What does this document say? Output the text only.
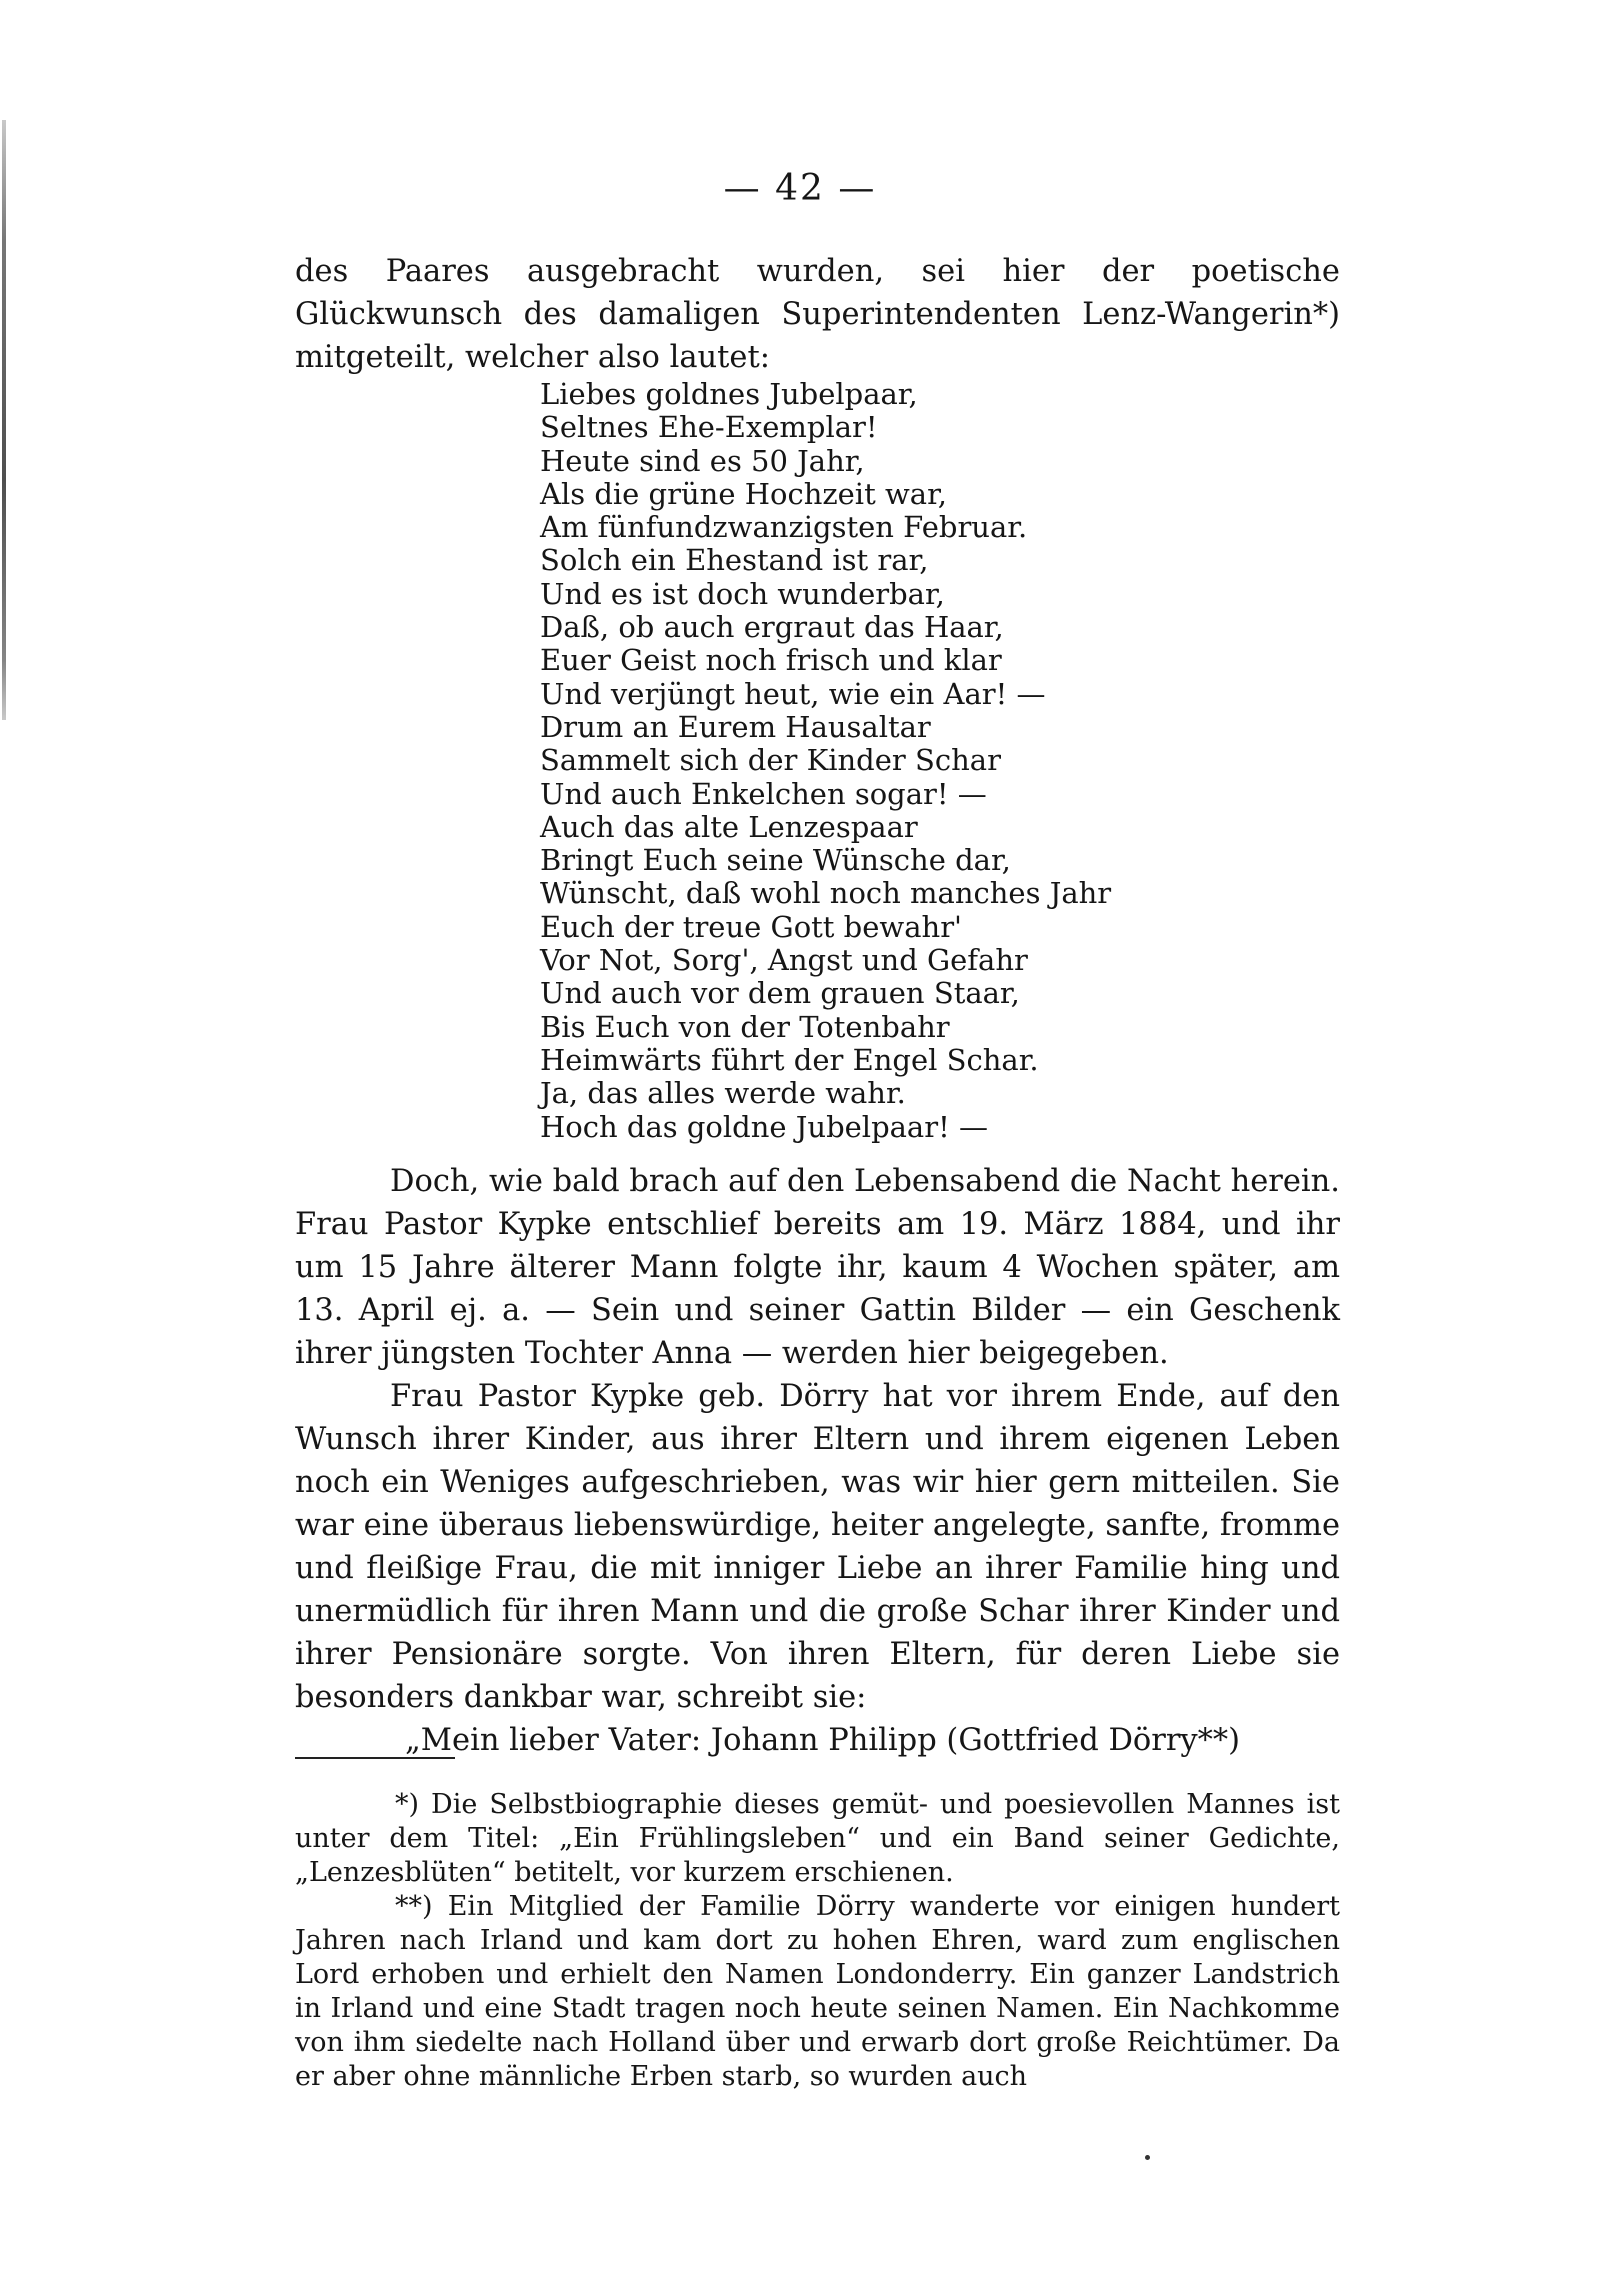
— 42 —

des Paares ausgebracht wurden, sei hier der poetische Glückwunsch des damaligen Superintendenten Lenz-Wangerin*) mitgeteilt, welcher also lautet:

Liebes goldnes Jubelpaar,
Seltnes Ehe-Exemplar!
Heute sind es 50 Jahr,
Als die grüne Hochzeit war,
Am fünfundzwanzigsten Februar.
Solch ein Ehestand ist rar,
Und es ist doch wunderbar,
Daß, ob auch ergraut das Haar,
Euer Geist noch frisch und klar
Und verjüngt heut, wie ein Aar! —
Drum an Eurem Hausaltar
Sammelt sich der Kinder Schar
Und auch Enkelchen sogar! —
Auch das alte Lenzespaar
Bringt Euch seine Wünsche dar,
Wünscht, daß wohl noch manches Jahr
Euch der treue Gott bewahr'
Vor Not, Sorg', Angst und Gefahr
Und auch vor dem grauen Staar,
Bis Euch von der Totenbahr
Heimwärts führt der Engel Schar.
Ja, das alles werde wahr.
Hoch das goldne Jubelpaar! —

Doch, wie bald brach auf den Lebensabend die Nacht herein. Frau Pastor Kypke entschlief bereits am 19. März 1884, und ihr um 15 Jahre älterer Mann folgte ihr, kaum 4 Wochen später, am 13. April ej. a. — Sein und seiner Gattin Bilder — ein Geschenk ihrer jüngsten Tochter Anna — werden hier beigegeben.

Frau Pastor Kypke geb. Dörry hat vor ihrem Ende, auf den Wunsch ihrer Kinder, aus ihrer Eltern und ihrem eigenen Leben noch ein Weniges aufgeschrieben, was wir hier gern mitteilen. Sie war eine überaus liebenswürdige, heiter angelegte, sanfte, fromme und fleißige Frau, die mit inniger Liebe an ihrer Familie hing und unermüdlich für ihren Mann und die große Schar ihrer Kinder und ihrer Pensionäre sorgte. Von ihren Eltern, für deren Liebe sie besonders dankbar war, schreibt sie:

„Mein lieber Vater: Johann Philipp (Gottfried Dörry**)

*) Die Selbstbiographie dieses gemüt- und poesievollen Mannes ist unter dem Titel: „Ein Frühlingsleben“ und ein Band seiner Gedichte, „Lenzesblüten“ betitelt, vor kurzem erschienen.

**) Ein Mitglied der Familie Dörry wanderte vor einigen hundert Jahren nach Irland und kam dort zu hohen Ehren, ward zum englischen Lord erhoben und erhielt den Namen Londonderry. Ein ganzer Landstrich in Irland und eine Stadt tragen noch heute seinen Namen. Ein Nachkomme von ihm siedelte nach Holland über und erwarb dort große Reichtümer. Da er aber ohne männliche Erben starb, so wurden auch
